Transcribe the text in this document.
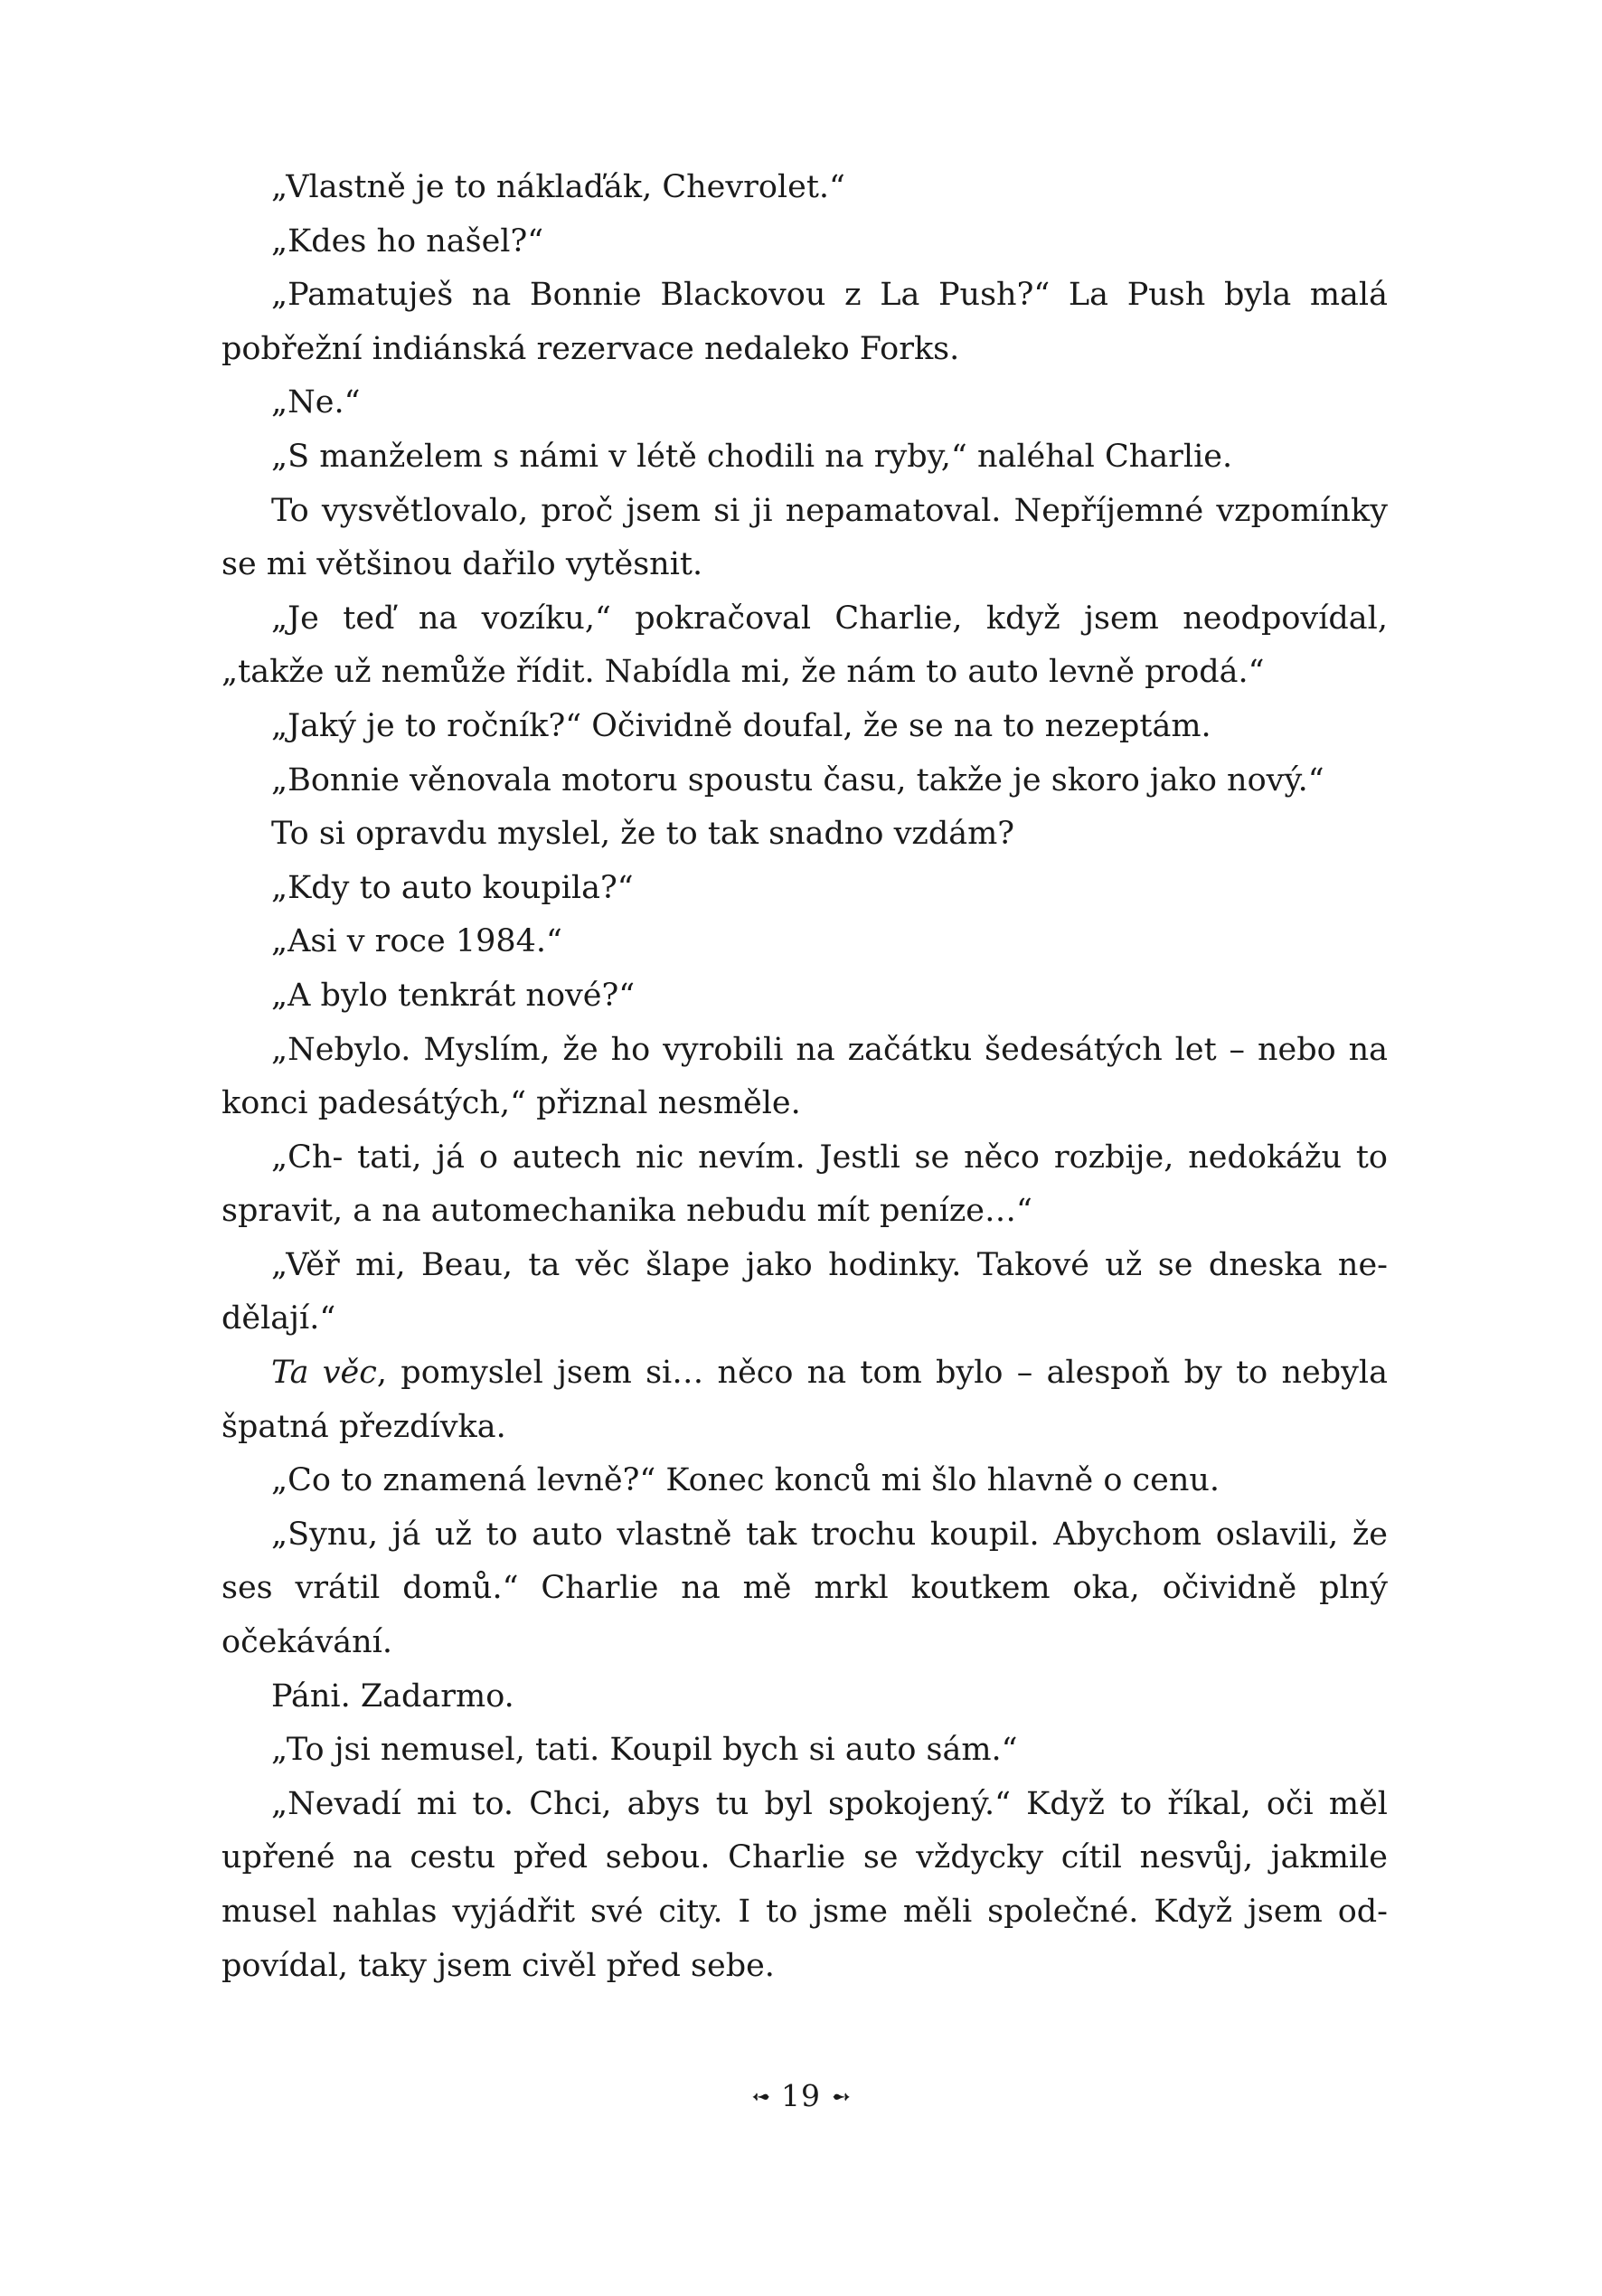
„Vlastně je to náklaďák, Chevrolet.“

„Kdes ho našel?“

„Pamatuješ na Bonnie Blackovou z La Push?“ La Push byla malá pobřežní indiánská rezervace nedaleko Forks.

„Ne.“

„S manželem s námi v létě chodili na ryby,“ naléhal Charlie.

To vysvětlovalo, proč jsem si ji nepamatoval. Nepříjemné vzpomínky se mi většinou dařilo vytěsnit.

„Je teď na vozíku,“ pokračoval Charlie, když jsem neodpovídal, „takže už nemůže řídit. Nabídla mi, že nám to auto levně prodá.“

„Jaký je to ročník?“ Očividně doufal, že se na to nezeptám.

„Bonnie věnovala motoru spoustu času, takže je skoro jako nový.“

To si opravdu myslel, že to tak snadno vzdám?

„Kdy to auto koupila?“

„Asi v roce 1984.“

„A bylo tenkrát nové?“

„Nebylo. Myslím, že ho vyrobili na začátku šedesátých let – nebo na konci padesátých,“ přiznal nesměle.

„Ch- tati, já o autech nic nevím. Jestli se něco rozbije, nedokážu to spravit, a na automechanika nebudu mít peníze…“

„Věř mi, Beau, ta věc šlape jako hodinky. Takové už se dneska nedělají.“

Ta věc, pomyslel jsem si… něco na tom bylo – alespoň by to nebyla špatná přezdívka.

„Co to znamená levně?“ Konec konců mi šlo hlavně o cenu.

„Synu, já už to auto vlastně tak trochu koupil. Abychom oslavili, že ses vrátil domů.“ Charlie na mě mrkl koutkem oka, očividně plný očekávání.

Páni. Zadarmo.

„To jsi nemusel, tati. Koupil bych si auto sám.“

„Nevadí mi to. Chci, abys tu byl spokojený.“ Když to říkal, oči měl upřené na cestu před sebou. Charlie se vždycky cítil nesvůj, jakmile musel nahlas vyjádřit své city. I to jsme měli společné. Když jsem odpovídal, taky jsem civěl před sebe.

➻ 19 ➻
